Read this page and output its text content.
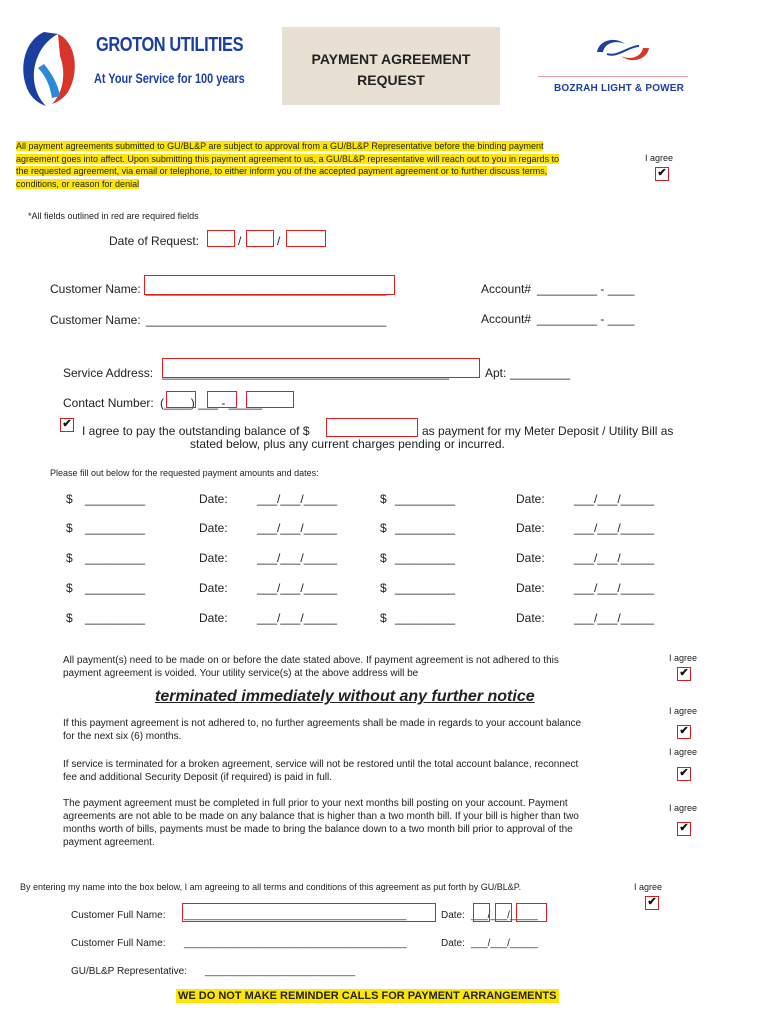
GROTON UTILITIES
At Your Service for 100 years
PAYMENT AGREEMENT
REQUEST
BOZRAH LIGHT & POWER
All payment agreements submitted to GU/BL&P are subject to approval from a GU/BL&P Representative before the binding payment
agreement goes into affect. Upon submitting this payment agreement to us, a GU/BL&P representative will reach out to you in regards to
the requested agreement, via email or telephone, to either inform you of the accepted payment agreement or to further discuss terms,
conditions, or reason for denial
I agree
✔
*All fields outlined in red are required fields
Date of Request:	/	/
Customer Name: ____________________________________	Account# _________ - ____
Customer Name: ____________________________________	Account# _________ - ____
Service Address: ___________________________________________	Apt: _________
Contact Number: (____) ___ - _____
✔ I agree to pay the outstanding balance of $	as payment for my Meter Deposit / Utility Bill as
stated below, plus any current charges pending or incurred.
Please fill out below for the requested payment amounts and dates:
$ _________	Date: ___/___/_____	$ _________	Date: ___/___/_____
$ _________	Date: ___/___/_____	$ _________	Date: ___/___/_____
$ _________	Date: ___/___/_____	$ _________	Date: ___/___/_____
$ _________	Date: ___/___/_____	$ _________	Date: ___/___/_____
$ _________	Date: ___/___/_____	$ _________	Date: ___/___/_____
All payment(s) need to be made on or before the date stated above. If payment agreement is not adhered to this
payment agreement is voided. Your utility service(s) at the above address will be
I agree
✔
terminated immediately without any further notice
If this payment agreement is not adhered to, no further agreements shall be made in regards to your account balance
for the next six (6) months.
I agree
✔
If service is terminated for a broken agreement, service will not be restored until the total account balance, reconnect
fee and additional Security Deposit (if required) is paid in full.
I agree
✔
The payment agreement must be completed in full prior to your next months bill posting on your account. Payment
agreements are not able to be made on any balance that is higher than a two month bill. If your bill is higher than two
months worth of bills, payments must be made to bring the balance down to a two month bill prior to approval of the
payment agreement.
I agree
✔
By entering my name into the box below, I am agreeing to all terms and conditions of this agreement as put forth by GU/BL&P.	I agree
✔
Customer Full Name: ________________________________________	Date: ___/___/_____
Customer Full Name: ________________________________________	Date: ___/___/_____
GU/BL&P Representative: ___________________________
WE DO NOT MAKE REMINDER CALLS FOR PAYMENT ARRANGEMENTS
